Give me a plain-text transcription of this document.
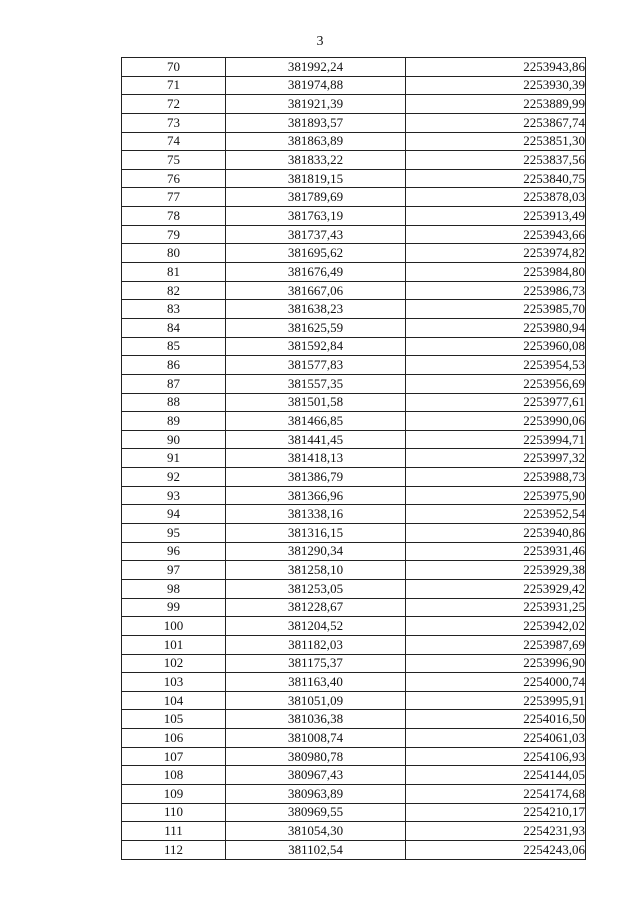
3
70	381992,24	2253943,86
71	381974,88	2253930,39
72	381921,39	2253889,99
73	381893,57	2253867,74
74	381863,89	2253851,30
75	381833,22	2253837,56
76	381819,15	2253840,75
77	381789,69	2253878,03
78	381763,19	2253913,49
79	381737,43	2253943,66
80	381695,62	2253974,82
81	381676,49	2253984,80
82	381667,06	2253986,73
83	381638,23	2253985,70
84	381625,59	2253980,94
85	381592,84	2253960,08
86	381577,83	2253954,53
87	381557,35	2253956,69
88	381501,58	2253977,61
89	381466,85	2253990,06
90	381441,45	2253994,71
91	381418,13	2253997,32
92	381386,79	2253988,73
93	381366,96	2253975,90
94	381338,16	2253952,54
95	381316,15	2253940,86
96	381290,34	2253931,46
97	381258,10	2253929,38
98	381253,05	2253929,42
99	381228,67	2253931,25
100	381204,52	2253942,02
101	381182,03	2253987,69
102	381175,37	2253996,90
103	381163,40	2254000,74
104	381051,09	2253995,91
105	381036,38	2254016,50
106	381008,74	2254061,03
107	380980,78	2254106,93
108	380967,43	2254144,05
109	380963,89	2254174,68
110	380969,55	2254210,17
111	381054,30	2254231,93
112	381102,54	2254243,06
